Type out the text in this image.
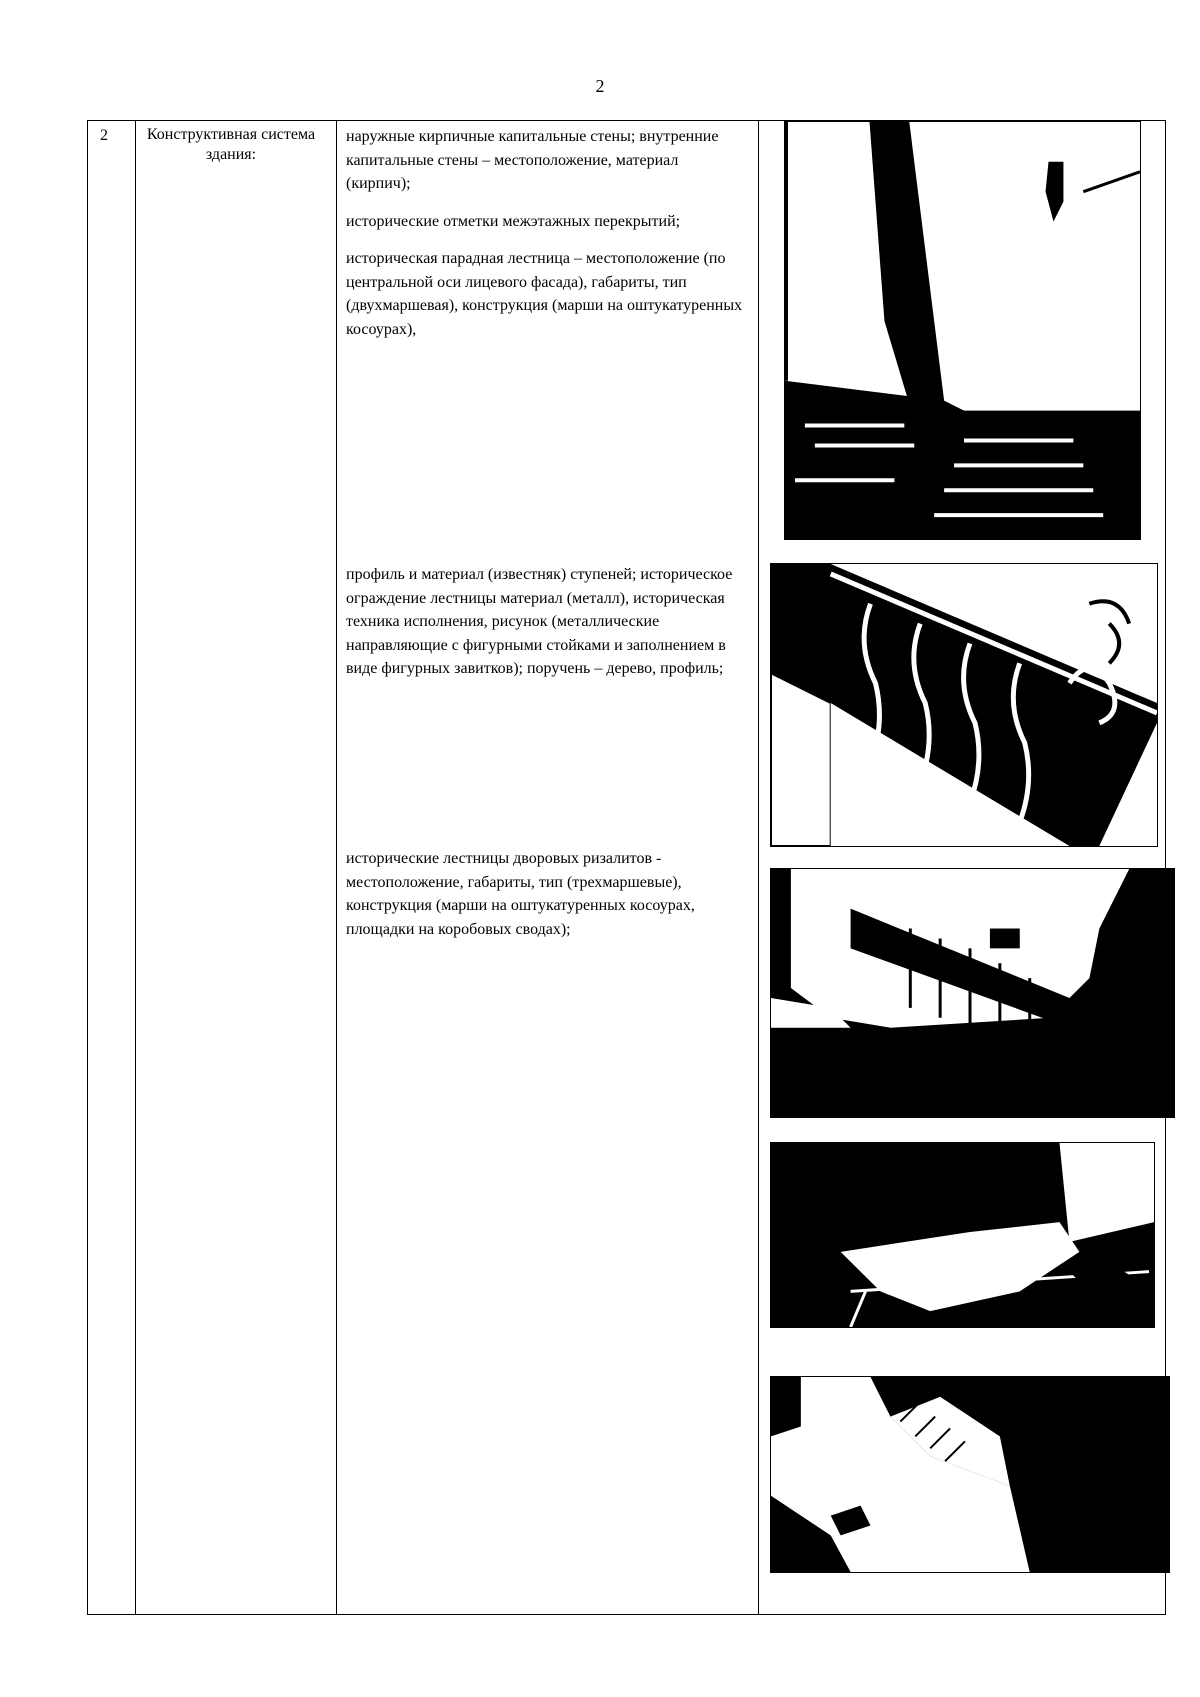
2
2	Конструктивная система здания:

наружные кирпичные капитальные стены; внутренние капитальные стены – местоположение, материал (кирпич);

исторические отметки межэтажных перекрытий;

историческая парадная лестница – местоположение (по центральной оси лицевого фасада), габариты, тип (двухмаршевая), конструкция (марши на оштукатуренных косоурах),

профиль и материал (известняк) ступеней; историческое ограждение лестницы материал (металл), историческая техника исполнения, рисунок (металлические направляющие с фигурными стойками и заполнением в виде фигурных завитков); поручень – дерево, профиль;

исторические лестницы дворовых ризалитов - местоположение, габариты, тип (трехмаршевые), конструкция (марши на оштукатуренных косоурах, площадки на коробовых сводах);
